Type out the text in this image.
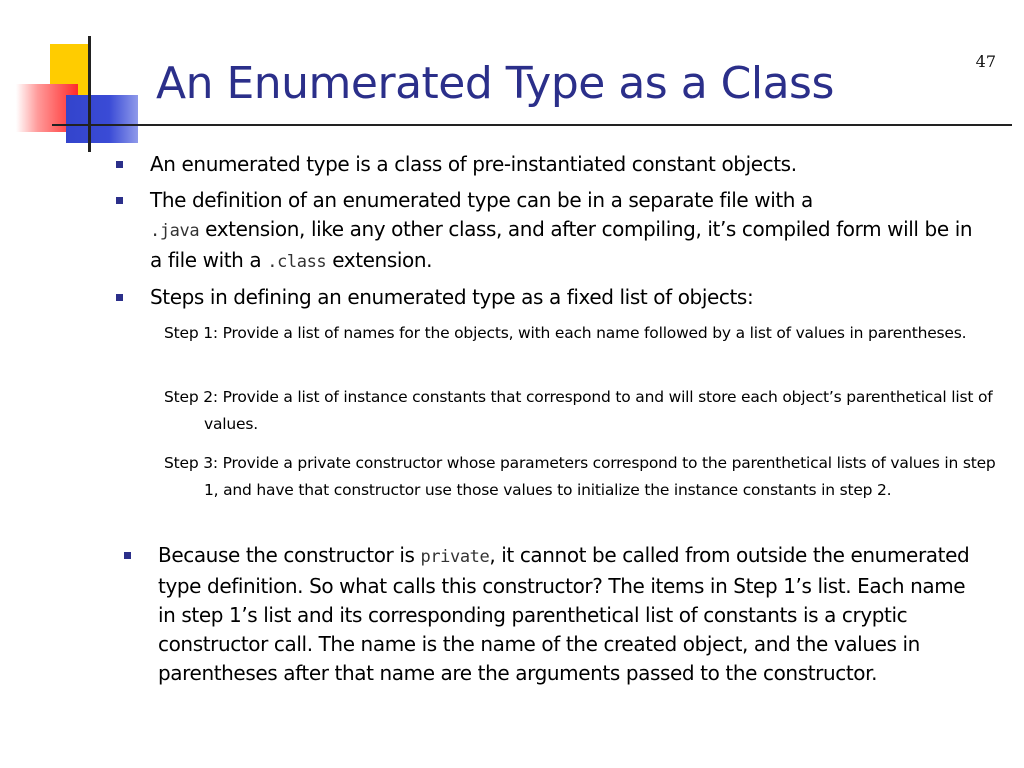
47
An Enumerated Type as a Class
An enumerated type is a class of pre-instantiated constant objects.
The definition of an enumerated type can be in a separate file with a
.java extension, like any other class, and after compiling, it’s compiled form will be in a file with a .class extension.
Steps in defining an enumerated type as a fixed list of objects:
Step 1: Provide a list of names for the objects, with each name followed by a list of values in parentheses.
Step 2: Provide a list of instance constants that correspond to and will store each object’s parenthetical list of values.
Step 3: Provide a private constructor whose parameters correspond to the parenthetical lists of values in step 1, and have that constructor use those values to initialize the instance constants in step 2.
Because the constructor is private, it cannot be called from outside the enumerated type definition. So what calls this constructor? The items in Step 1’s list. Each name in step 1’s list and its corresponding parenthetical list of constants is a cryptic constructor call. The name is the name of the created object, and the values in parentheses after that name are the arguments passed to the constructor.
